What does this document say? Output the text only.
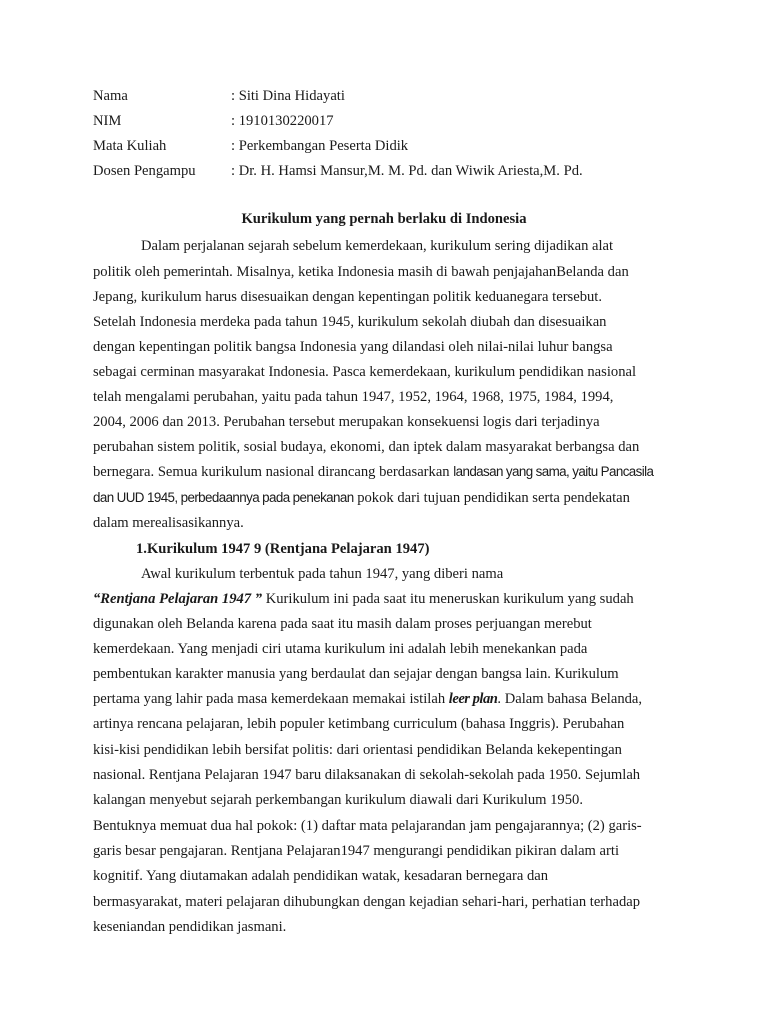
Nama	: Siti Dina Hidayati
NIM	: 1910130220017
Mata Kuliah	: Perkembangan Peserta Didik
Dosen Pengampu : Dr. H. Hamsi Mansur,M. M. Pd. dan Wiwik Ariesta,M. Pd.
Kurikulum yang pernah berlaku di Indonesia
Dalam perjalanan sejarah sebelum kemerdekaan, kurikulum sering dijadikan alat
politik oleh pemerintah. Misalnya, ketika Indonesia masih di bawah penjajahanBelanda dan
Jepang, kurikulum harus disesuaikan dengan kepentingan politik keduanegara tersebut.
Setelah Indonesia merdeka pada tahun 1945, kurikulum sekolah diubah dan disesuaikan
dengan kepentingan politik bangsa Indonesia yang dilandasi oleh nilai-nilai luhur bangsa
sebagai cerminan masyarakat Indonesia. Pasca kemerdekaan, kurikulum pendidikan nasional
telah mengalami perubahan, yaitu pada tahun 1947, 1952, 1964, 1968, 1975, 1984, 1994,
2004, 2006 dan 2013. Perubahan tersebut merupakan konsekuensi logis dari terjadinya
perubahan sistem politik, sosial budaya, ekonomi, dan iptek dalam masyarakat berbangsa dan
bernegara. Semua kurikulum nasional dirancang berdasarkan landasan yang sama, yaitu Pancasila
dan UUD 1945, perbedaannya pada penekanan pokok dari tujuan pendidikan serta pendekatan
dalam merealisasikannya.
1.Kurikulum 1947 9 (Rentjana Pelajaran 1947)
Awal kurikulum terbentuk pada tahun 1947, yang diberi nama
“Rentjana Pelajaran 1947 ” Kurikulum ini pada saat itu meneruskan kurikulum yang sudah
digunakan oleh Belanda karena pada saat itu masih dalam proses perjuangan merebut
kemerdekaan. Yang menjadi ciri utama kurikulum ini adalah lebih menekankan pada
pembentukan karakter manusia yang berdaulat dan sejajar dengan bangsa lain. Kurikulum
pertama yang lahir pada masa kemerdekaan memakai istilah leer plan. Dalam bahasa Belanda,
artinya rencana pelajaran, lebih populer ketimbang curriculum (bahasa Inggris). Perubahan
kisi-kisi pendidikan lebih bersifat politis: dari orientasi pendidikan Belanda kekepentingan
nasional. Rentjana Pelajaran 1947 baru dilaksanakan di sekolah-sekolah pada 1950. Sejumlah
kalangan menyebut sejarah perkembangan kurikulum diawali dari Kurikulum 1950.
Bentuknya memuat dua hal pokok: (1) daftar mata pelajarandan jam pengajarannya; (2) garis-
garis besar pengajaran. Rentjana Pelajaran1947 mengurangi pendidikan pikiran dalam arti
kognitif. Yang diutamakan adalah pendidikan watak, kesadaran bernegara dan
bermasyarakat, materi pelajaran dihubungkan dengan kejadian sehari-hari, perhatian terhadap
keseniandan pendidikan jasmani.
